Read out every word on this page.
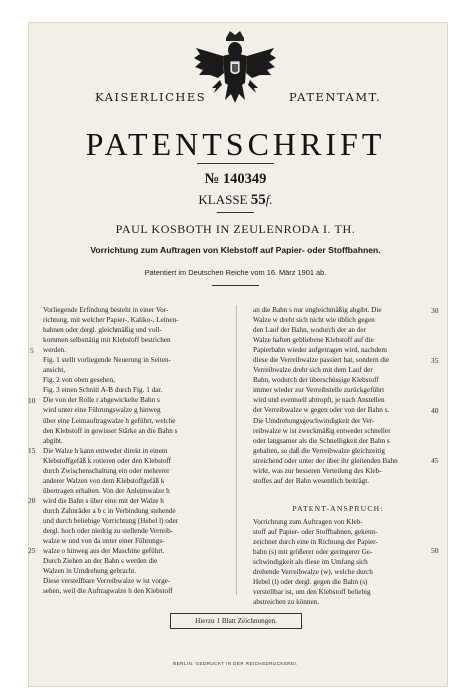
KAISERLICHES	PATENTAMT.
PATENTSCHRIFT
№ 140349
KLASSE 55f.
PAUL KOSBOTH IN ZEULENRODA I. TH.
Vorrichtung zum Auftragen von Klebstoff auf Papier- oder Stoffbahnen.
Patentiert im Deutschen Reiche vom 16. März 1901 ab.
Vorliegende Erfindung besteht in einer Vor-
richtung, mit welcher Papier-, Kaliko-, Leinen-
bahnen oder dergl. gleichmäßig und voll-
kommen selbsttätig mit Klebstoff bestrichen
werden.
Fig. 1 stellt vorliegende Neuerung in Seiten-
ansicht,
Fig. 2 von oben gesehen,
Fig. 3 einen Schnitt A-B durch Fig. 1 dar.
Die von der Rolle r abgewickelte Bahn s
wird unter eine Führungswalze g hinweg
über eine Leimauftragwalze h geführt, welche
den Klebstoff in gewisser Stärke an die Bahn s
abgibt.
Die Walze h kann entweder direkt in einem
Klebstoffgefäß k rotieren oder den Klebstoff
durch Zwischenschaltung ein oder mehrerer
anderer Walzen von dem Klebstoffgefäß k
übertragen erhalten. Von der Anleimwalze h
wird die Bahn s über eine mit der Walze h
durch Zahnräder a b c in Verbindung stehende
und durch beliebige Vorrichtung (Hebel l) oder
dergl. hoch oder niedrig zu stellende Verreib-
walze w und von da unter einer Führungs-
walze o hinweg aus der Maschine geführt.
Durch Ziehen an der Bahn s werden die
Walzen in Umdrehung gebracht.
Diese verstellbare Verreibwalze w ist vorge-
sehen, weil die Auftragwalze h den Klebstoff
an die Bahn s nur ungleichmäßig abgibt. Die
Walze w dreht sich nicht wie üblich gegen
den Lauf der Bahn, wodurch der an der
Walze haften gebliebene Klebstoff auf die
Papierbahn wieder aufgetragen wird, nachdem
diese die Verreibwalze passiert hat, sondern die
Verreibwalze dreht sich mit dem Lauf der
Bahn, wodurch der überschüssige Klebstoff
immer wieder zur Verreibstelle zurückgeführt
wird und eventuell abtropft, je nach Anstellen
der Verreibwalze w gegen oder von der Bahn s.
Die Umdrehungsgeschwindigkeit der Ver-
reibwalze w ist zweckmäßig entweder schneller
oder langsamer als die Schnelligkeit der Bahn s
gehalten, so daß die Verreibwalze gleichzeitig
streichend oder unter der über ihr gleitenden Bahn
wirkt, was zur besseren Verteilung des Kleb-
stoffes auf der Bahn wesentlich beiträgt.
5
10
15
20
25
30
35
40
45
50
PATENT-ANSPRUCH:
Vorrichtung zum Auftragen von Kleb-
stoff auf Papier- oder Stoffbahnen, gekenn-
zeichnet durch eine in Richtung der Papier-
bahn (s) mit größerer oder geringerer Ge-
schwindigkeit als diese im Umfang sich
drehende Verreibwalze (w), welche durch
Hebel (l) oder dergl. gegen die Bahn (s)
verstellbar ist, um den Klebstoff beliebig
abstreichen zu können.
Hierzu 1 Blatt Zeichnungen.
BERLIN. GEDRUCKT IN DER REICHSDRUCKEREI.
